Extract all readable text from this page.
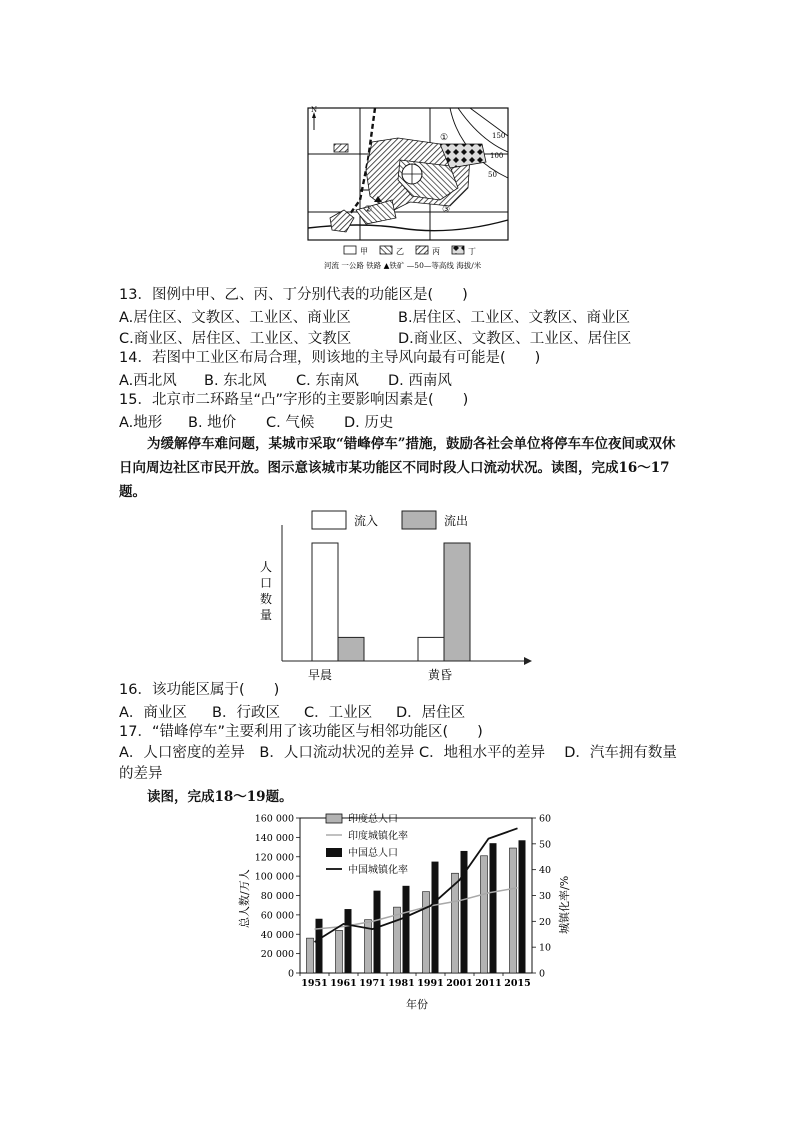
N
150
100
50
①
②	③
甲	乙	丙	丁
河流 一公路 铁路 ▲铁矿 —50—等高线 海拔/米
13．图例中甲、乙、丙、丁分别代表的功能区是(　　)
A.居住区、文教区、工业区、商业区	B.居住区、工业区、文教区、商业区
C.商业区、居住区、工业区、文教区	D.商业区、文教区、工业区、居住区
14．若图中工业区布局合理，则该地的主导风向最有可能是(　　)
A.西北风 B. 东北风 C. 东南风 D. 西南风
15．北京市二环路呈“凸”字形的主要影响因素是(　　)
A.地形 B. 地价 C. 气候 D. 历史
为缓解停车难问题，某城市采取“错峰停车”措施，鼓励各社会单位将停车车位夜间或双休日向周边社区市民开放。图示意该城市某功能区不同时段人口流动状况。读图，完成16～17题。
流入	流出
人
口
数
量
早晨	黄昏
16．该功能区属于(　　)
A．商业区 B．行政区 C．工业区 D．居住区
17．“错峰停车”主要利用了该功能区与相邻功能区(　　)
A．人口密度的差异　B．人口流动状况的差异 C．地租水平的差异　 D．汽车拥有数量
的差异
读图，完成18～19题。
0
20 000
40 000
60 000
80 000
100 000
120 000
140 000
160 000
0
10
20
30
40
50
60
1951 1961 1971 1981 1991 2001 2011 2015
印度总人口
印度城镇化率
中国总人口
中国城镇化率
总人数/万人	城镇化率/%
年份
